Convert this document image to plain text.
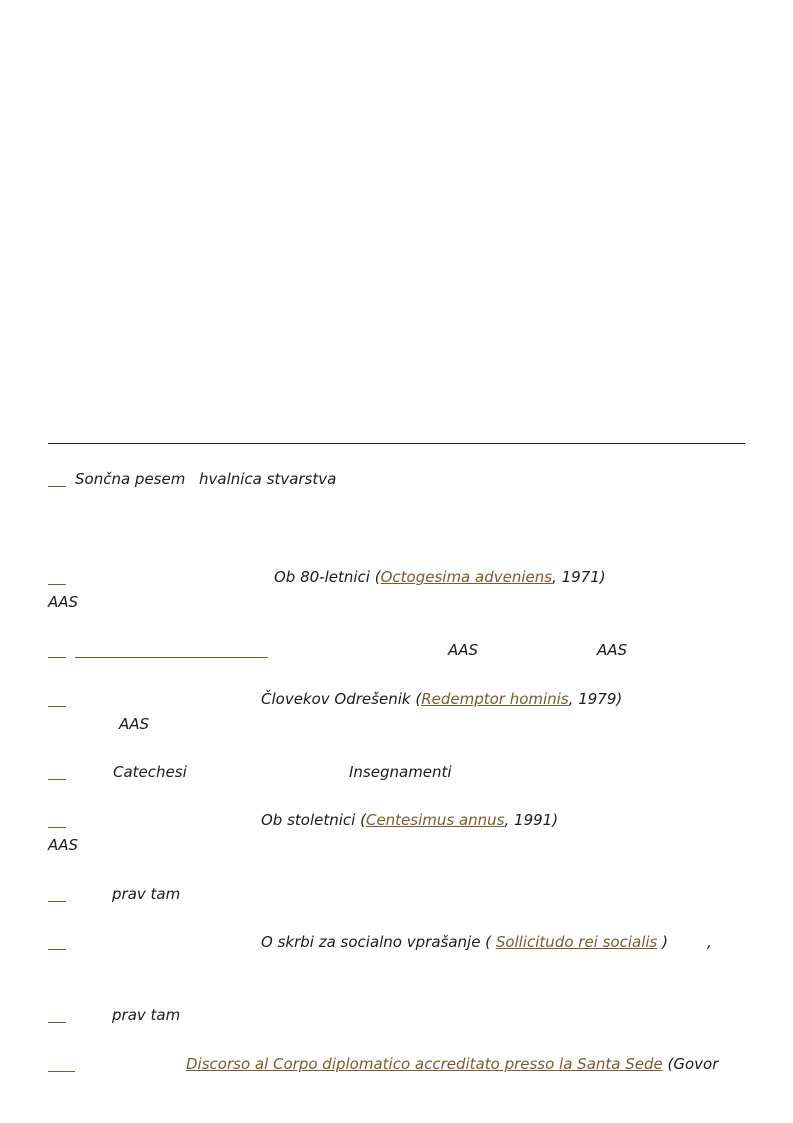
Sončna pesem hvalnica stvarstva
Ob 80-letnici (Octogesima adveniens, 1971)
AAS
AAS	AAS
Človekov Odrešenik (Redemptor hominis, 1979)
AAS
Catechesi	Insegnamenti
Ob stoletnici (Centesimus annus, 1991)
AAS
prav tam
O skrbi za socialno vprašanje ( Sollicitudo rei socialis )	,
prav tam
Discorso al Corpo diplomatico accreditato presso la Santa Sede (Govor
